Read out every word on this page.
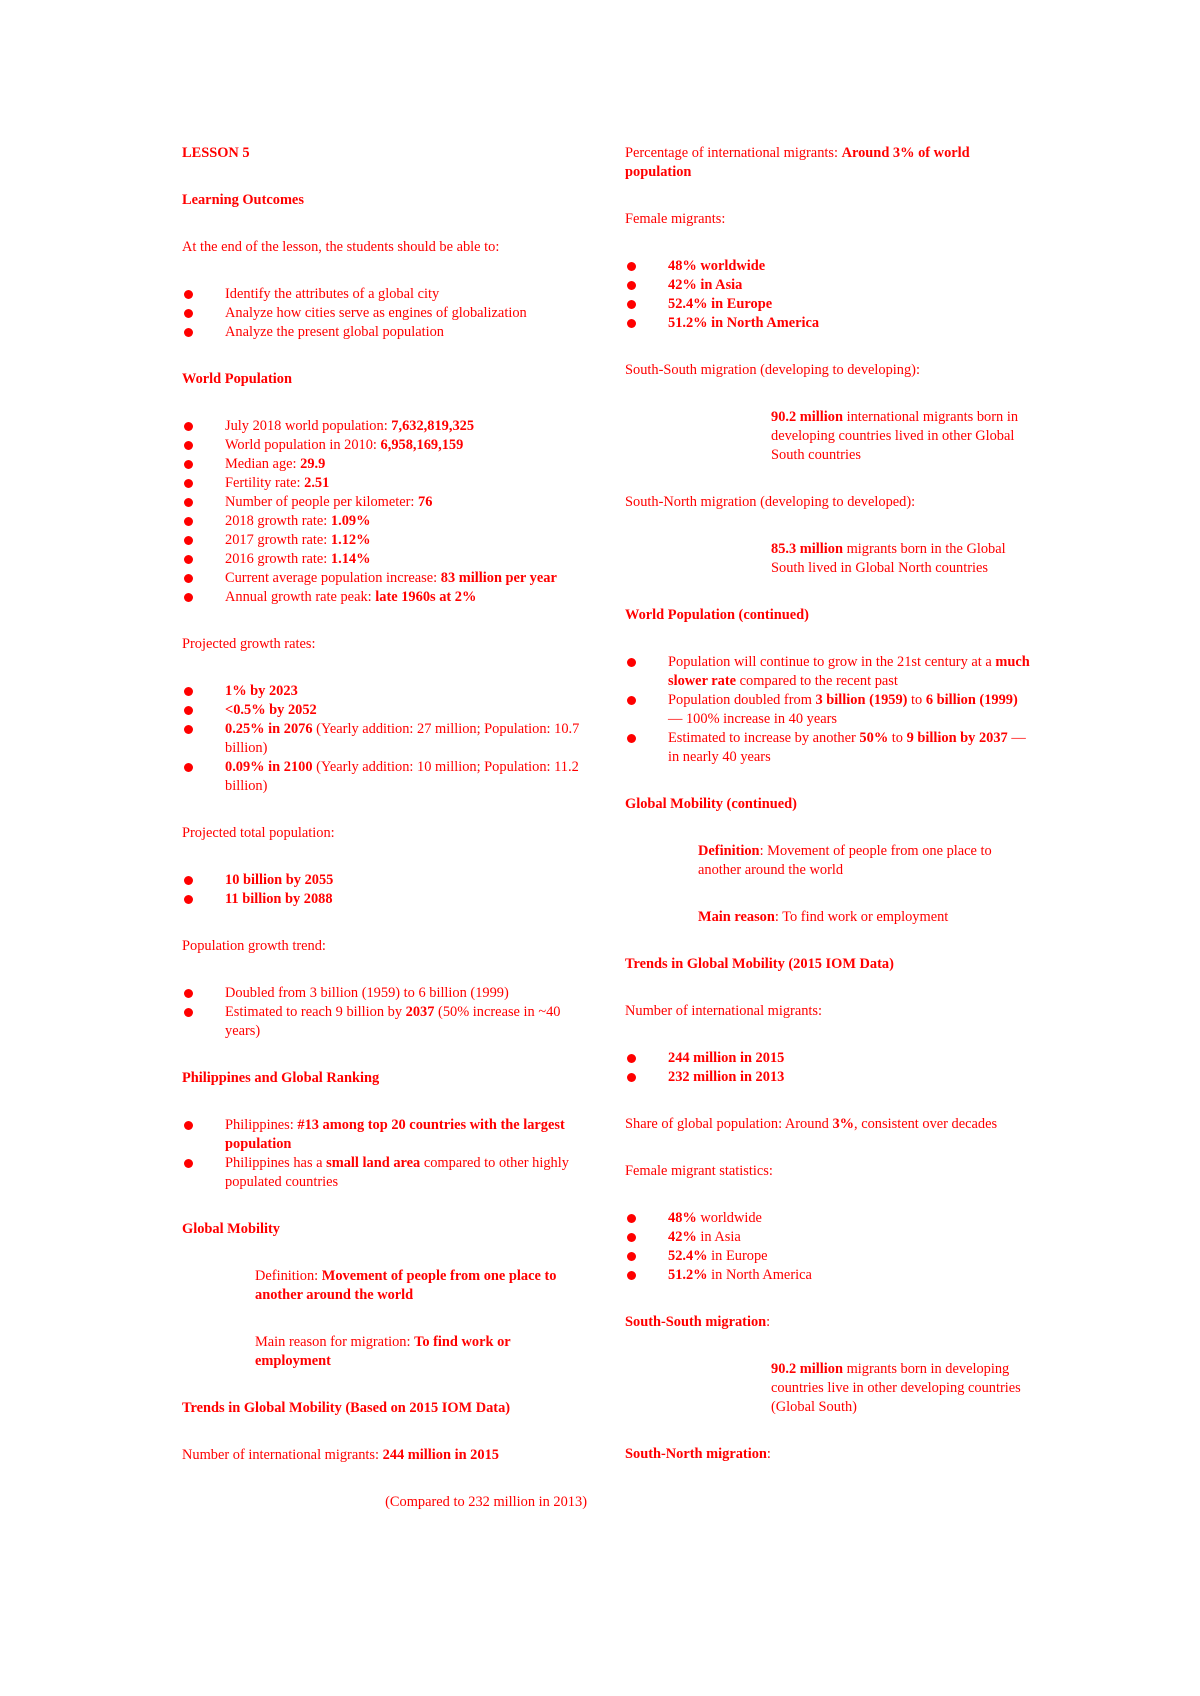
LESSON 5

Learning Outcomes

At the end of the lesson, the students should be able to:

Identify the attributes of a global city
Analyze how cities serve as engines of globalization
Analyze the present global population

World Population

July 2018 world population: 7,632,819,325
World population in 2010: 6,958,169,159
Median age: 29.9
Fertility rate: 2.51
Number of people per kilometer: 76
2018 growth rate: 1.09%
2017 growth rate: 1.12%
2016 growth rate: 1.14%
Current average population increase: 83 million per year
Annual growth rate peak: late 1960s at 2%

Projected growth rates:

1% by 2023
<0.5% by 2052
0.25% in 2076 (Yearly addition: 27 million; Population: 10.7 billion)
0.09% in 2100 (Yearly addition: 10 million; Population: 11.2 billion)

Projected total population:

10 billion by 2055
11 billion by 2088

Population growth trend:

Doubled from 3 billion (1959) to 6 billion (1999)
Estimated to reach 9 billion by 2037 (50% increase in ~40 years)

Philippines and Global Ranking

Philippines: #13 among top 20 countries with the largest population
Philippines has a small land area compared to other highly populated countries

Global Mobility

Definition: Movement of people from one place to another around the world

Main reason for migration: To find work or employment

Trends in Global Mobility (Based on 2015 IOM Data)

Number of international migrants: 244 million in 2015

(Compared to 232 million in 2013)

Percentage of international migrants: Around 3% of world population

Female migrants:

48% worldwide
42% in Asia
52.4% in Europe
51.2% in North America

South-South migration (developing to developing):

90.2 million international migrants born in developing countries lived in other Global South countries

South-North migration (developing to developed):

85.3 million migrants born in the Global South lived in Global North countries

World Population (continued)

Population will continue to grow in the 21st century at a much slower rate compared to the recent past
Population doubled from 3 billion (1959) to 6 billion (1999) — 100% increase in 40 years
Estimated to increase by another 50% to 9 billion by 2037 — in nearly 40 years

Global Mobility (continued)

Definition: Movement of people from one place to another around the world

Main reason: To find work or employment

Trends in Global Mobility (2015 IOM Data)

Number of international migrants:

244 million in 2015
232 million in 2013

Share of global population: Around 3%, consistent over decades

Female migrant statistics:

48% worldwide
42% in Asia
52.4% in Europe
51.2% in North America

South-South migration:

90.2 million migrants born in developing countries live in other developing countries (Global South)

South-North migration:
